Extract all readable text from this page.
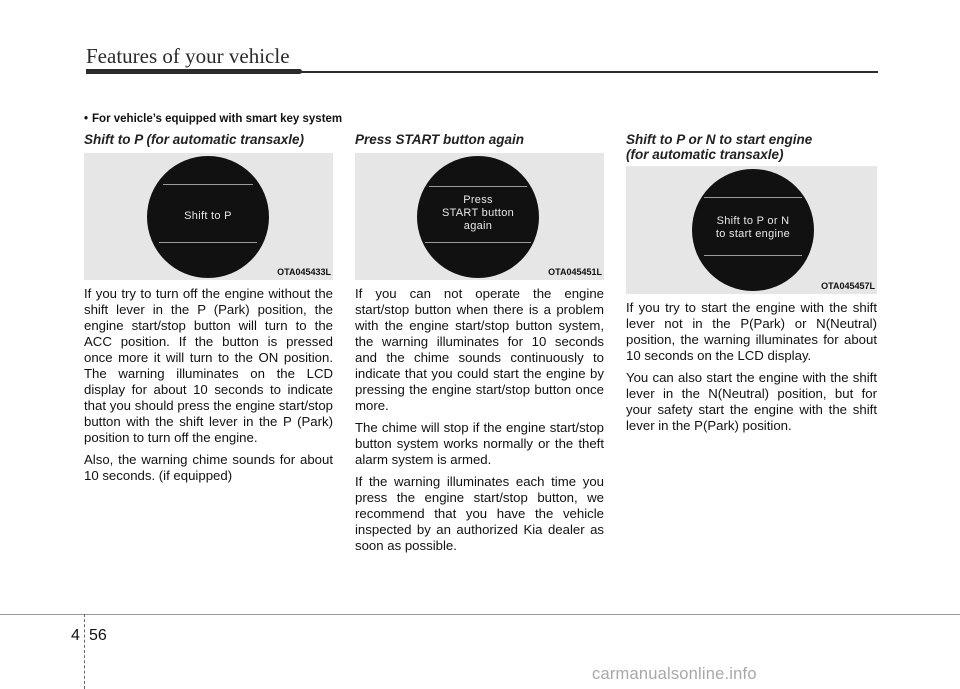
Features of your vehicle
• For vehicle’s equipped with smart key system
Shift to P (for automatic transaxle)
Shift to P
OTA045433L

If you try to turn off the engine without the shift lever in the P (Park) position, the engine start/stop button will turn to the ACC position. If the button is pressed once more it will turn to the ON position. The warning illuminates on the LCD display for about 10 seconds to indicate that you should press the engine start/stop button with the shift lever in the P (Park) position to turn off the engine.

Also, the warning chime sounds for about 10 seconds. (if equipped)

Press START button again
Press
START button
again
OTA045451L

If you can not operate the engine start/stop button when there is a problem with the engine start/stop button system, the warning illuminates for 10 seconds and the chime sounds continuously to indicate that you could start the engine by pressing the engine start/stop button once more.

The chime will stop if the engine start/stop button system works normally or the theft alarm system is armed.

If the warning illuminates each time you press the engine start/stop button, we recommend that you have the vehicle inspected by an authorized Kia dealer as soon as possible.

Shift to P or N to start engine
(for automatic transaxle)
Shift to P or N
to start engine
OTA045457L

If you try to start the engine with the shift lever not in the P(Park) or N(Neutral) position, the warning illuminates for about 10 seconds on the LCD display.

You can also start the engine with the shift lever in the N(Neutral) position, but for your safety start the engine with the shift lever in the P(Park) position.

4 56
carmanualsonline.info
